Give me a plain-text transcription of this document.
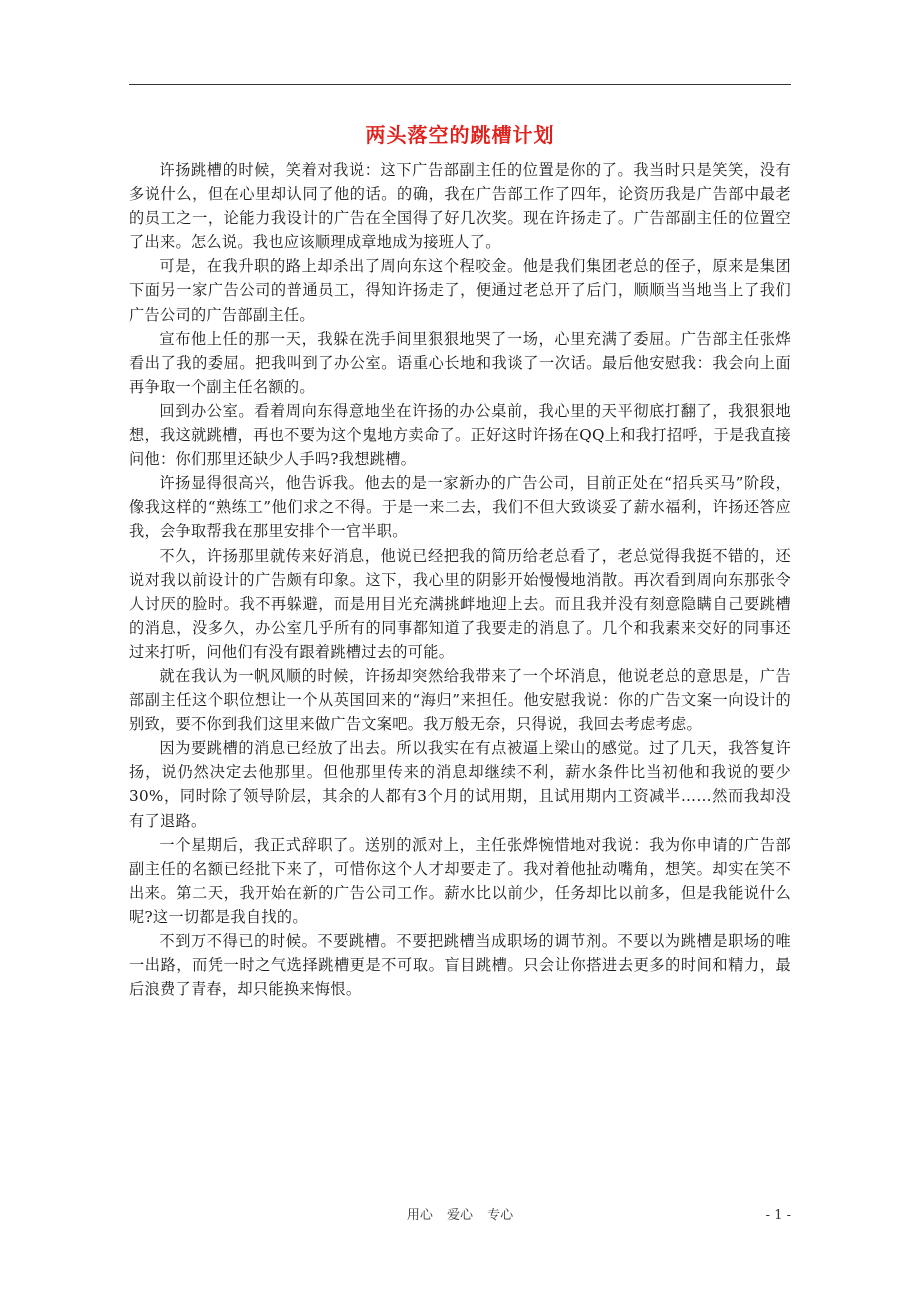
两头落空的跳槽计划

许扬跳槽的时候，笑着对我说：这下广告部副主任的位置是你的了。我当时只是笑笑，没有多说什么，但在心里却认同了他的话。的确，我在广告部工作了四年，论资历我是广告部中最老的员工之一，论能力我设计的广告在全国得了好几次奖。现在许扬走了。广告部副主任的位置空了出来。怎么说。我也应该顺理成章地成为接班人了。

可是，在我升职的路上却杀出了周向东这个程咬金。他是我们集团老总的侄子，原来是集团下面另一家广告公司的普通员工，得知许扬走了，便通过老总开了后门，顺顺当当地当上了我们广告公司的广告部副主任。

宣布他上任的那一天，我躲在洗手间里狠狠地哭了一场，心里充满了委屈。广告部主任张烨看出了我的委屈。把我叫到了办公室。语重心长地和我谈了一次话。最后他安慰我：我会向上面再争取一个副主任名额的。

回到办公室。看着周向东得意地坐在许扬的办公桌前，我心里的天平彻底打翻了，我狠狠地想，我这就跳槽，再也不要为这个鬼地方卖命了。正好这时许扬在QQ上和我打招呼，于是我直接问他：你们那里还缺少人手吗?我想跳槽。

许扬显得很高兴，他告诉我。他去的是一家新办的广告公司，目前正处在“招兵买马”阶段，像我这样的“熟练工”他们求之不得。于是一来二去，我们不但大致谈妥了薪水福利，许扬还答应我，会争取帮我在那里安排个一官半职。

不久，许扬那里就传来好消息，他说已经把我的简历给老总看了，老总觉得我挺不错的，还说对我以前设计的广告颇有印象。这下，我心里的阴影开始慢慢地消散。再次看到周向东那张令人讨厌的脸时。我不再躲避，而是用目光充满挑衅地迎上去。而且我并没有刻意隐瞒自己要跳槽的消息，没多久，办公室几乎所有的同事都知道了我要走的消息了。几个和我素来交好的同事还过来打听，问他们有没有跟着跳槽过去的可能。

就在我认为一帆风顺的时候，许扬却突然给我带来了一个坏消息，他说老总的意思是，广告部副主任这个职位想让一个从英国回来的“海归”来担任。他安慰我说：你的广告文案一向设计的别致，要不你到我们这里来做广告文案吧。我万般无奈，只得说，我回去考虑考虑。

因为要跳槽的消息已经放了出去。所以我实在有点被逼上梁山的感觉。过了几天，我答复许扬，说仍然决定去他那里。但他那里传来的消息却继续不利，薪水条件比当初他和我说的要少30%，同时除了领导阶层，其余的人都有3个月的试用期，且试用期内工资减半……然而我却没有了退路。

一个星期后，我正式辞职了。送别的派对上，主任张烨惋惜地对我说：我为你申请的广告部副主任的名额已经批下来了，可惜你这个人才却要走了。我对着他扯动嘴角，想笑。却实在笑不出来。第二天，我开始在新的广告公司工作。薪水比以前少，任务却比以前多，但是我能说什么呢?这一切都是我自找的。

不到万不得已的时候。不要跳槽。不要把跳槽当成职场的调节剂。不要以为跳槽是职场的唯一出路，而凭一时之气选择跳槽更是不可取。盲目跳槽。只会让你搭进去更多的时间和精力，最后浪费了青春，却只能换来悔恨。

用心 爱心 专心	- 1 -
